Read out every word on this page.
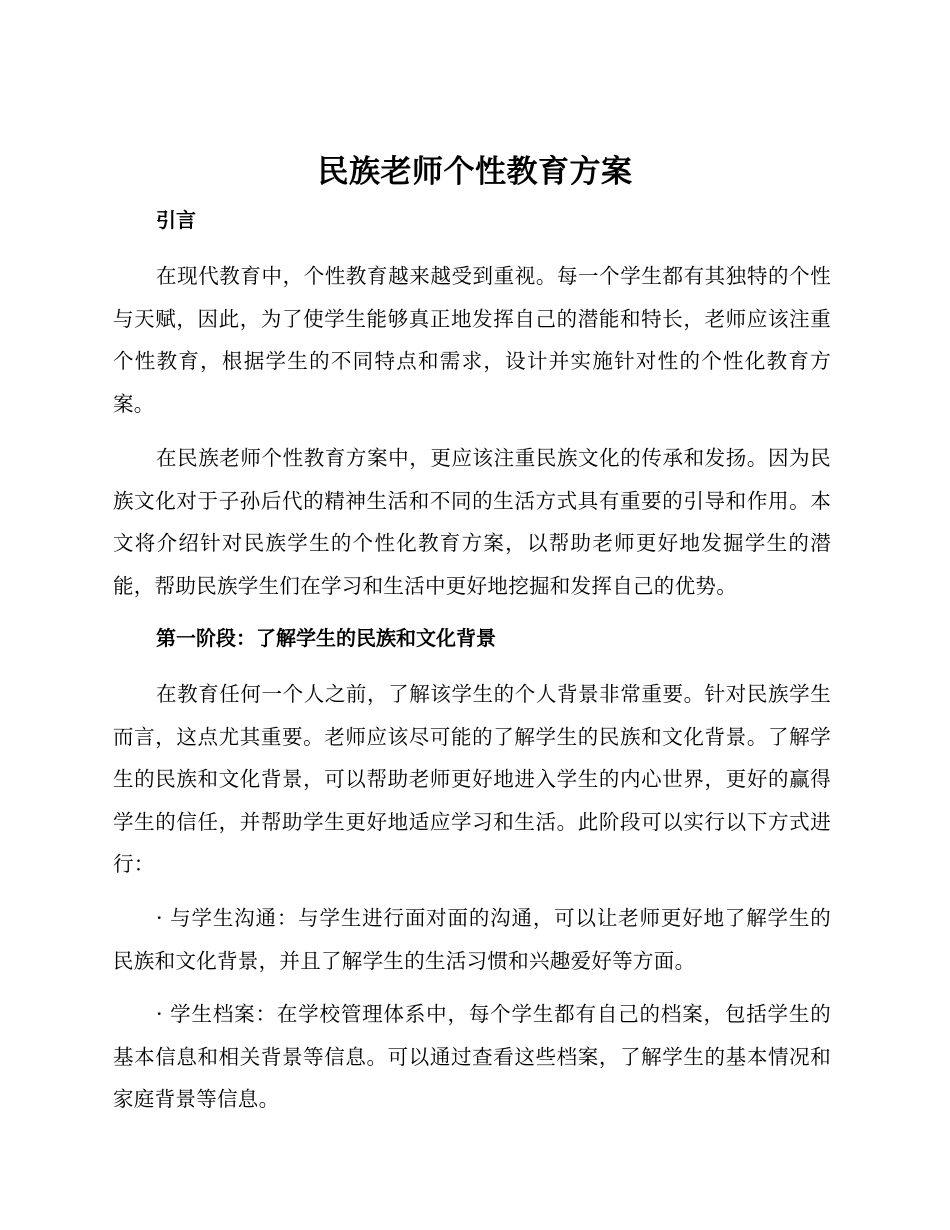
民族老师个性教育方案
引言
在现代教育中，个性教育越来越受到重视。每一个学生都有其独特的个性与天赋，因此，为了使学生能够真正地发挥自己的潜能和特长，老师应该注重个性教育，根据学生的不同特点和需求，设计并实施针对性的个性化教育方案。
在民族老师个性教育方案中，更应该注重民族文化的传承和发扬。因为民族文化对于子孙后代的精神生活和不同的生活方式具有重要的引导和作用。本文将介绍针对民族学生的个性化教育方案，以帮助老师更好地发掘学生的潜能，帮助民族学生们在学习和生活中更好地挖掘和发挥自己的优势。
第一阶段：了解学生的民族和文化背景
在教育任何一个人之前，了解该学生的个人背景非常重要。针对民族学生而言，这点尤其重要。老师应该尽可能的了解学生的民族和文化背景。了解学生的民族和文化背景，可以帮助老师更好地进入学生的内心世界，更好的赢得学生的信任，并帮助学生更好地适应学习和生活。此阶段可以实行以下方式进行：
· 与学生沟通：与学生进行面对面的沟通，可以让老师更好地了解学生的民族和文化背景，并且了解学生的生活习惯和兴趣爱好等方面。
· 学生档案：在学校管理体系中，每个学生都有自己的档案，包括学生的基本信息和相关背景等信息。可以通过查看这些档案，了解学生的基本情况和家庭背景等信息。
